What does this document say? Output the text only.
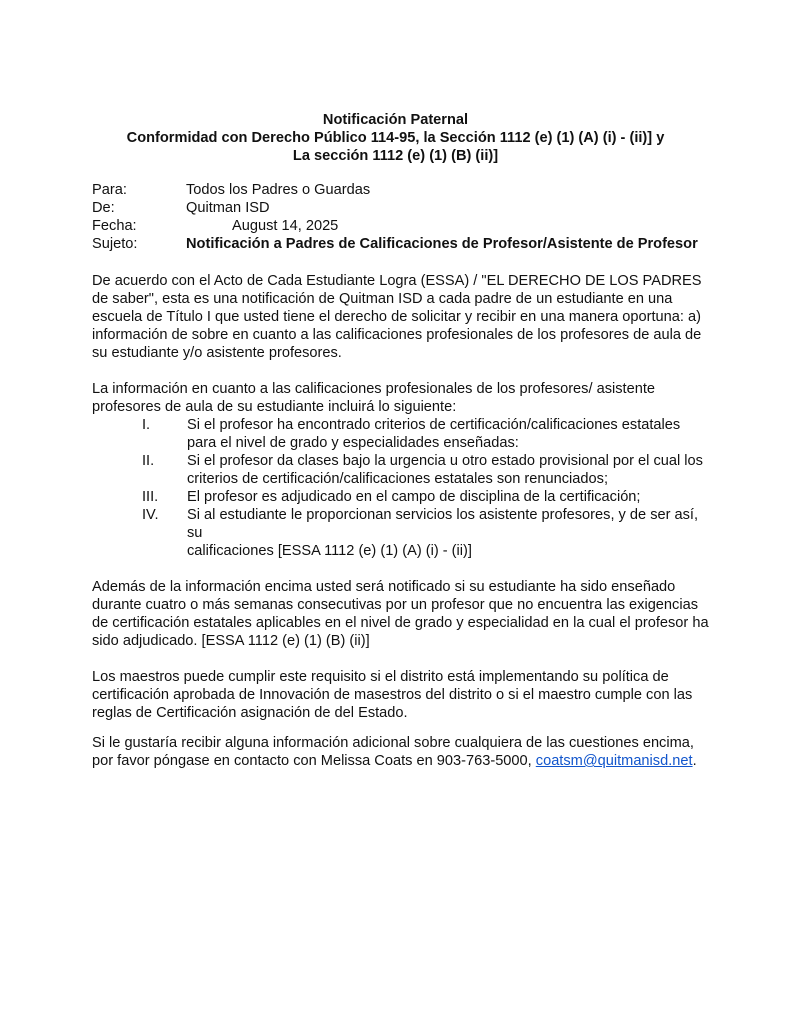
Notificación Paternal
Conformidad con Derecho Público 114-95, la Sección 1112 (e) (1) (A) (i) - (ii)] y
La sección 1112 (e) (1) (B) (ii)]
Para:	Todos los Padres o Guardas
De:	Quitman ISD
Fecha:	August 14, 2025
Sujeto:	Notificación a Padres de Calificaciones de Profesor/Asistente de Profesor
De acuerdo con el Acto de Cada Estudiante Logra (ESSA) / "EL DERECHO DE LOS PADRES
de saber", esta es una notificación de Quitman ISD a cada padre de un estudiante en una
escuela de Título I que usted tiene el derecho de solicitar y recibir en una manera oportuna: a)
información de sobre en cuanto a las calificaciones profesionales de los profesores de aula de
su estudiante y/o asistente profesores.
La información en cuanto a las calificaciones profesionales de los profesores/ asistente
profesores de aula de su estudiante incluirá lo siguiente:
I.	Si el profesor ha encontrado criterios de certificación/calificaciones estatales
para el nivel de grado y especialidades enseñadas:
II. Si el profesor da clases bajo la urgencia u otro estado provisional por el cual los
criterios de certificación/calificaciones estatales son renunciados;
III. El profesor es adjudicado en el campo de disciplina de la certificación;
IV. Si al estudiante le proporcionan servicios los asistente profesores, y de ser así,
su
calificaciones [ESSA 1112 (e) (1) (A) (i) - (ii)]
Además de la información encima usted será notificado si su estudiante ha sido enseñado
durante cuatro o más semanas consecutivas por un profesor que no encuentra las exigencias
de certificación estatales aplicables en el nivel de grado y especialidad en la cual el profesor ha
sido adjudicado. [ESSA 1112 (e) (1) (B) (ii)]
Los maestros puede cumplir este requisito si el distrito está implementando su política de
certificación aprobada de Innovación de masestros del distrito o si el maestro cumple con las
reglas de Certificación asignación de del Estado.
Si le gustaría recibir alguna información adicional sobre cualquiera de las cuestiones encima,
por favor póngase en contacto con Melissa Coats en 903-763-5000, coatsm@quitmanisd.net.
